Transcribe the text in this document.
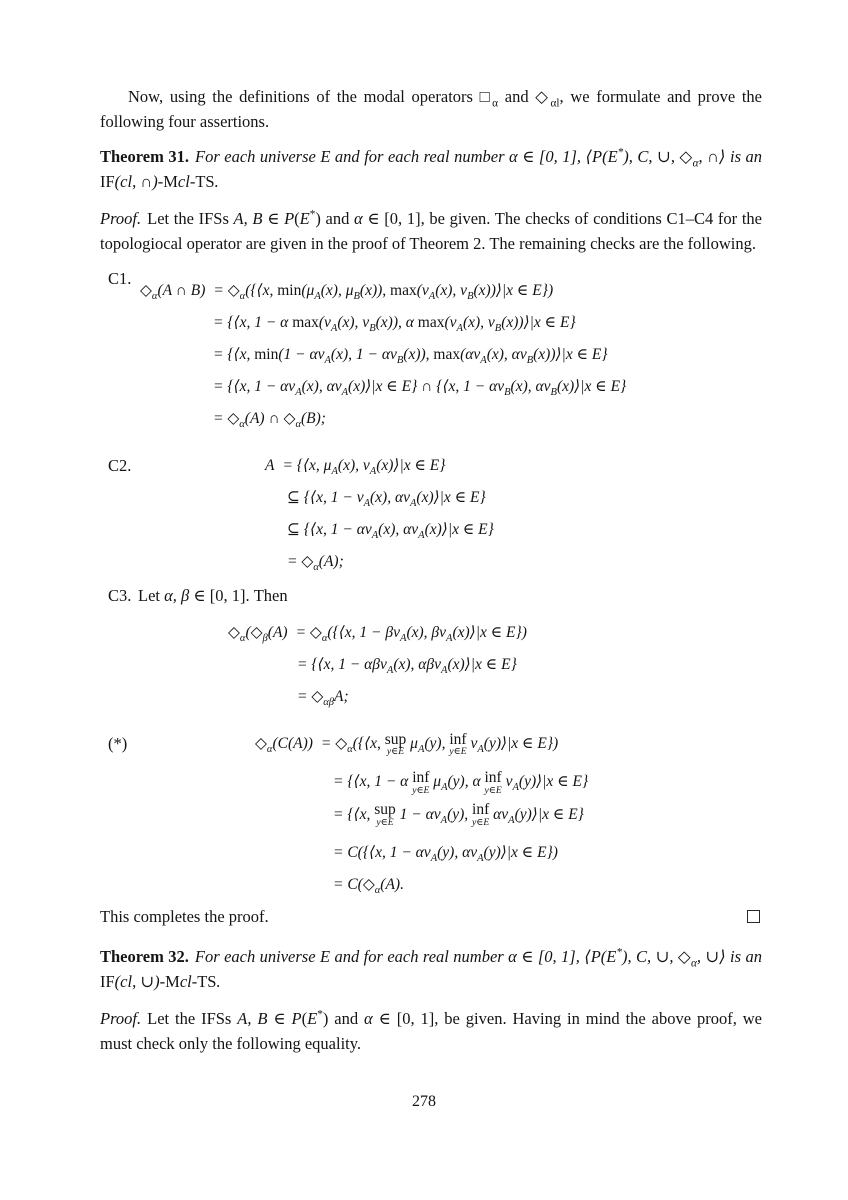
Now, using the definitions of the modal operators $□_\alpha$ and $◇_{\alpha l}$, we formulate and prove the following four assertions.

Theorem 31. For each universe E and for each real number α ∈ [0, 1], ⟨P(E*), C, ∪, $◇_\alpha$, ∩⟩ is an IF(cl, ∩)-Mcl-TS.

Proof. Let the IFSs A, B ∈ P(E*) and α ∈ [0, 1], be given. The checks of conditions C1–C4 for the topologiocal operator are given in the proof of Theorem 2. The remaining checks are the following.

C1.
$◇_\alpha(A$ ∩ $B) = ◇_\alpha(\{⟨x$, $\min(\mu_A(x)$, $\mu_B(x)$), $\max(\nu_A(x)$, $\nu_B(x))⟩|x$ ∈ E})
= {⟨x, 1 − α $\max(\nu_A(x)$, $\nu_B(x)$), α $\max(\nu_A(x)$, $\nu_B(x))⟩|x$ ∈ E}
= {⟨x, $\min(1 - \alpha\nu_A(x)$, $1 - \alpha\nu_B(x)$), $\max(\alpha\nu_A(x)$, $\alpha\nu_B(x))⟩|x$ ∈ E}
= {⟨x, $1 - \alpha\nu_A(x)$, $\alpha\nu_A(x)⟩|x$ ∈ E} ∩ {⟨x, $1 - \alpha\nu_B(x)$, $\alpha\nu_B(x)⟩|x$ ∈ E}
= $◇_\alpha(A)$ ∩ $◇_\alpha(B)$;
C2.	A = {⟨x, $\mu_A(x)$, $\nu_A(x)⟩|x$ ∈ E}
⊆ {⟨x, $1 - \nu_A(x)$, $\alpha\nu_A(x)⟩|x$ ∈ E}
⊆ {⟨x, $1 - \alpha\nu_A(x)$, $\alpha\nu_A(x)⟩|x$ ∈ E}
= $◇_\alpha(A)$;
C3. Let α, β ∈ [0, 1]. Then
$◇_\alpha(◇_\beta(A)$ = $◇_\alpha(\{⟨x$, $1 - \beta\nu_A(x)$, $\beta\nu_A(x)⟩|x$ ∈ E})
= {⟨x, 1 − αβν$_A$(x), αβν$_A$(x)⟩|x ∈ E}
= $◇_{\alpha\beta}A$;
(*)	$◇_\alpha(C(A))$ = $◇_\alpha(\{⟨x$, sup
y∈E $\mu_A(y)$, inf
y∈E $\nu_A(y)⟩|x$ ∈ E})
= {⟨x, 1 − α inf
y∈E $\mu_A(y)$, α inf
y∈E $\nu_A(y)⟩|x$ ∈ E}
= {⟨x, sup
y∈E $1 - \alpha\nu_A(y)$, inf
y∈E $\alpha\nu_A(y)⟩|x$ ∈ E}
= C({⟨x, $1 - \alpha\nu_A(y)$, $\alpha\nu_A(y)⟩|x$ ∈ E})
= $C(◇_\alpha(A)$.
This completes the proof.

Theorem 32. For each universe E and for each real number α ∈ [0, 1], ⟨P(E*), C, ∪, $◇_\alpha$, ∪⟩ is an IF(cl, ∪)-Mcl-TS.

Proof. Let the IFSs A, B ∈ P(E*) and α ∈ [0, 1], be given. Having in mind the above proof, we must check only the following equality.

278
